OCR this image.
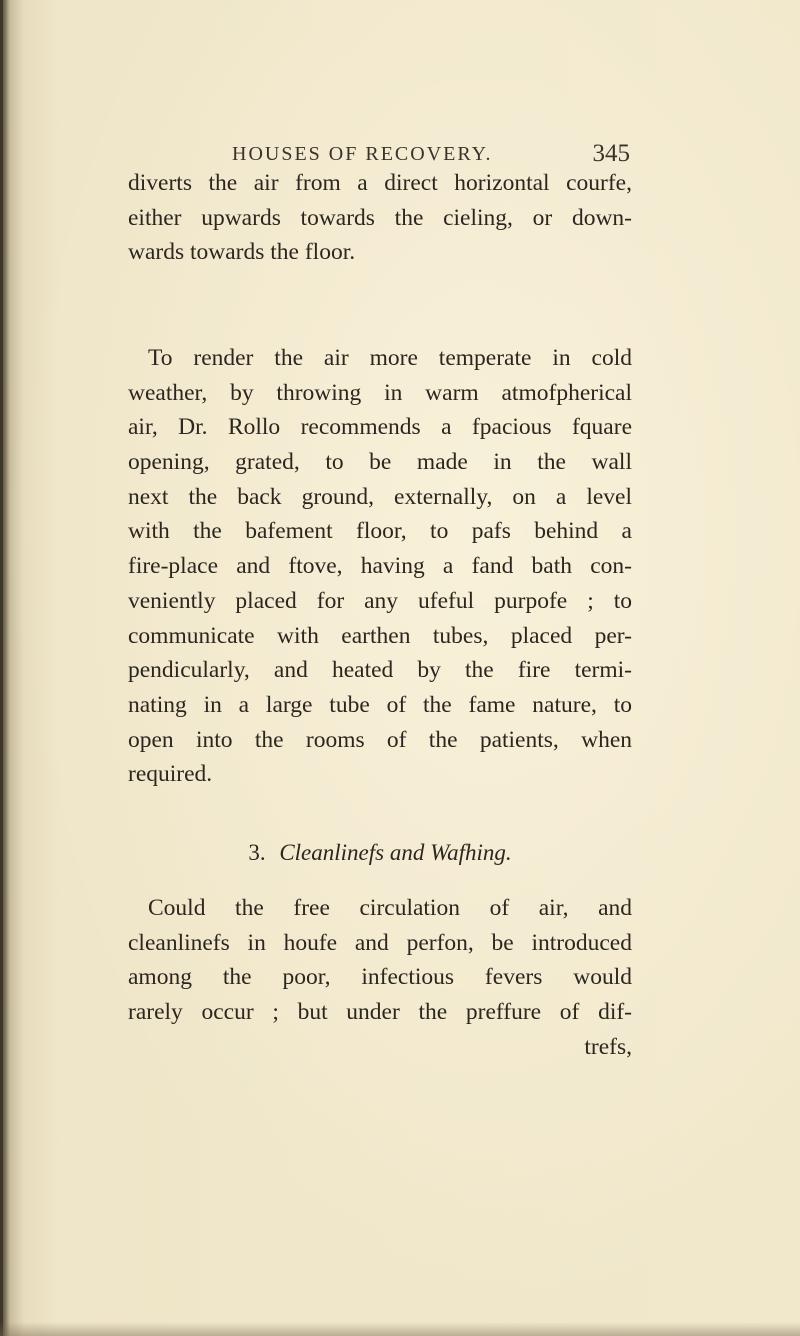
HOUSES OF RECOVERY.	345
diverts the air from a direct horizontal courfe,
either upwards towards the cieling, or down-
wards towards the floor.
To render the air more temperate in cold
weather, by throwing in warm atmofpherical
air, Dr. Rollo recommends a fpacious fquare
opening, grated, to be made in the wall
next the back ground, externally, on a level
with the bafement floor, to pafs behind a
fire-place and ftove, having a fand bath con-
veniently placed for any ufeful purpofe ; to
communicate with earthen tubes, placed per-
pendicularly, and heated by the fire termi-
nating in a large tube of the fame nature, to
open into the rooms of the patients, when
required.
3. Cleanlinefs and Wafhing.
Could the free circulation of air, and
cleanlinefs in houfe and perfon, be introduced
among the poor, infectious fevers would
rarely occur ; but under the preffure of dif-
trefs,
